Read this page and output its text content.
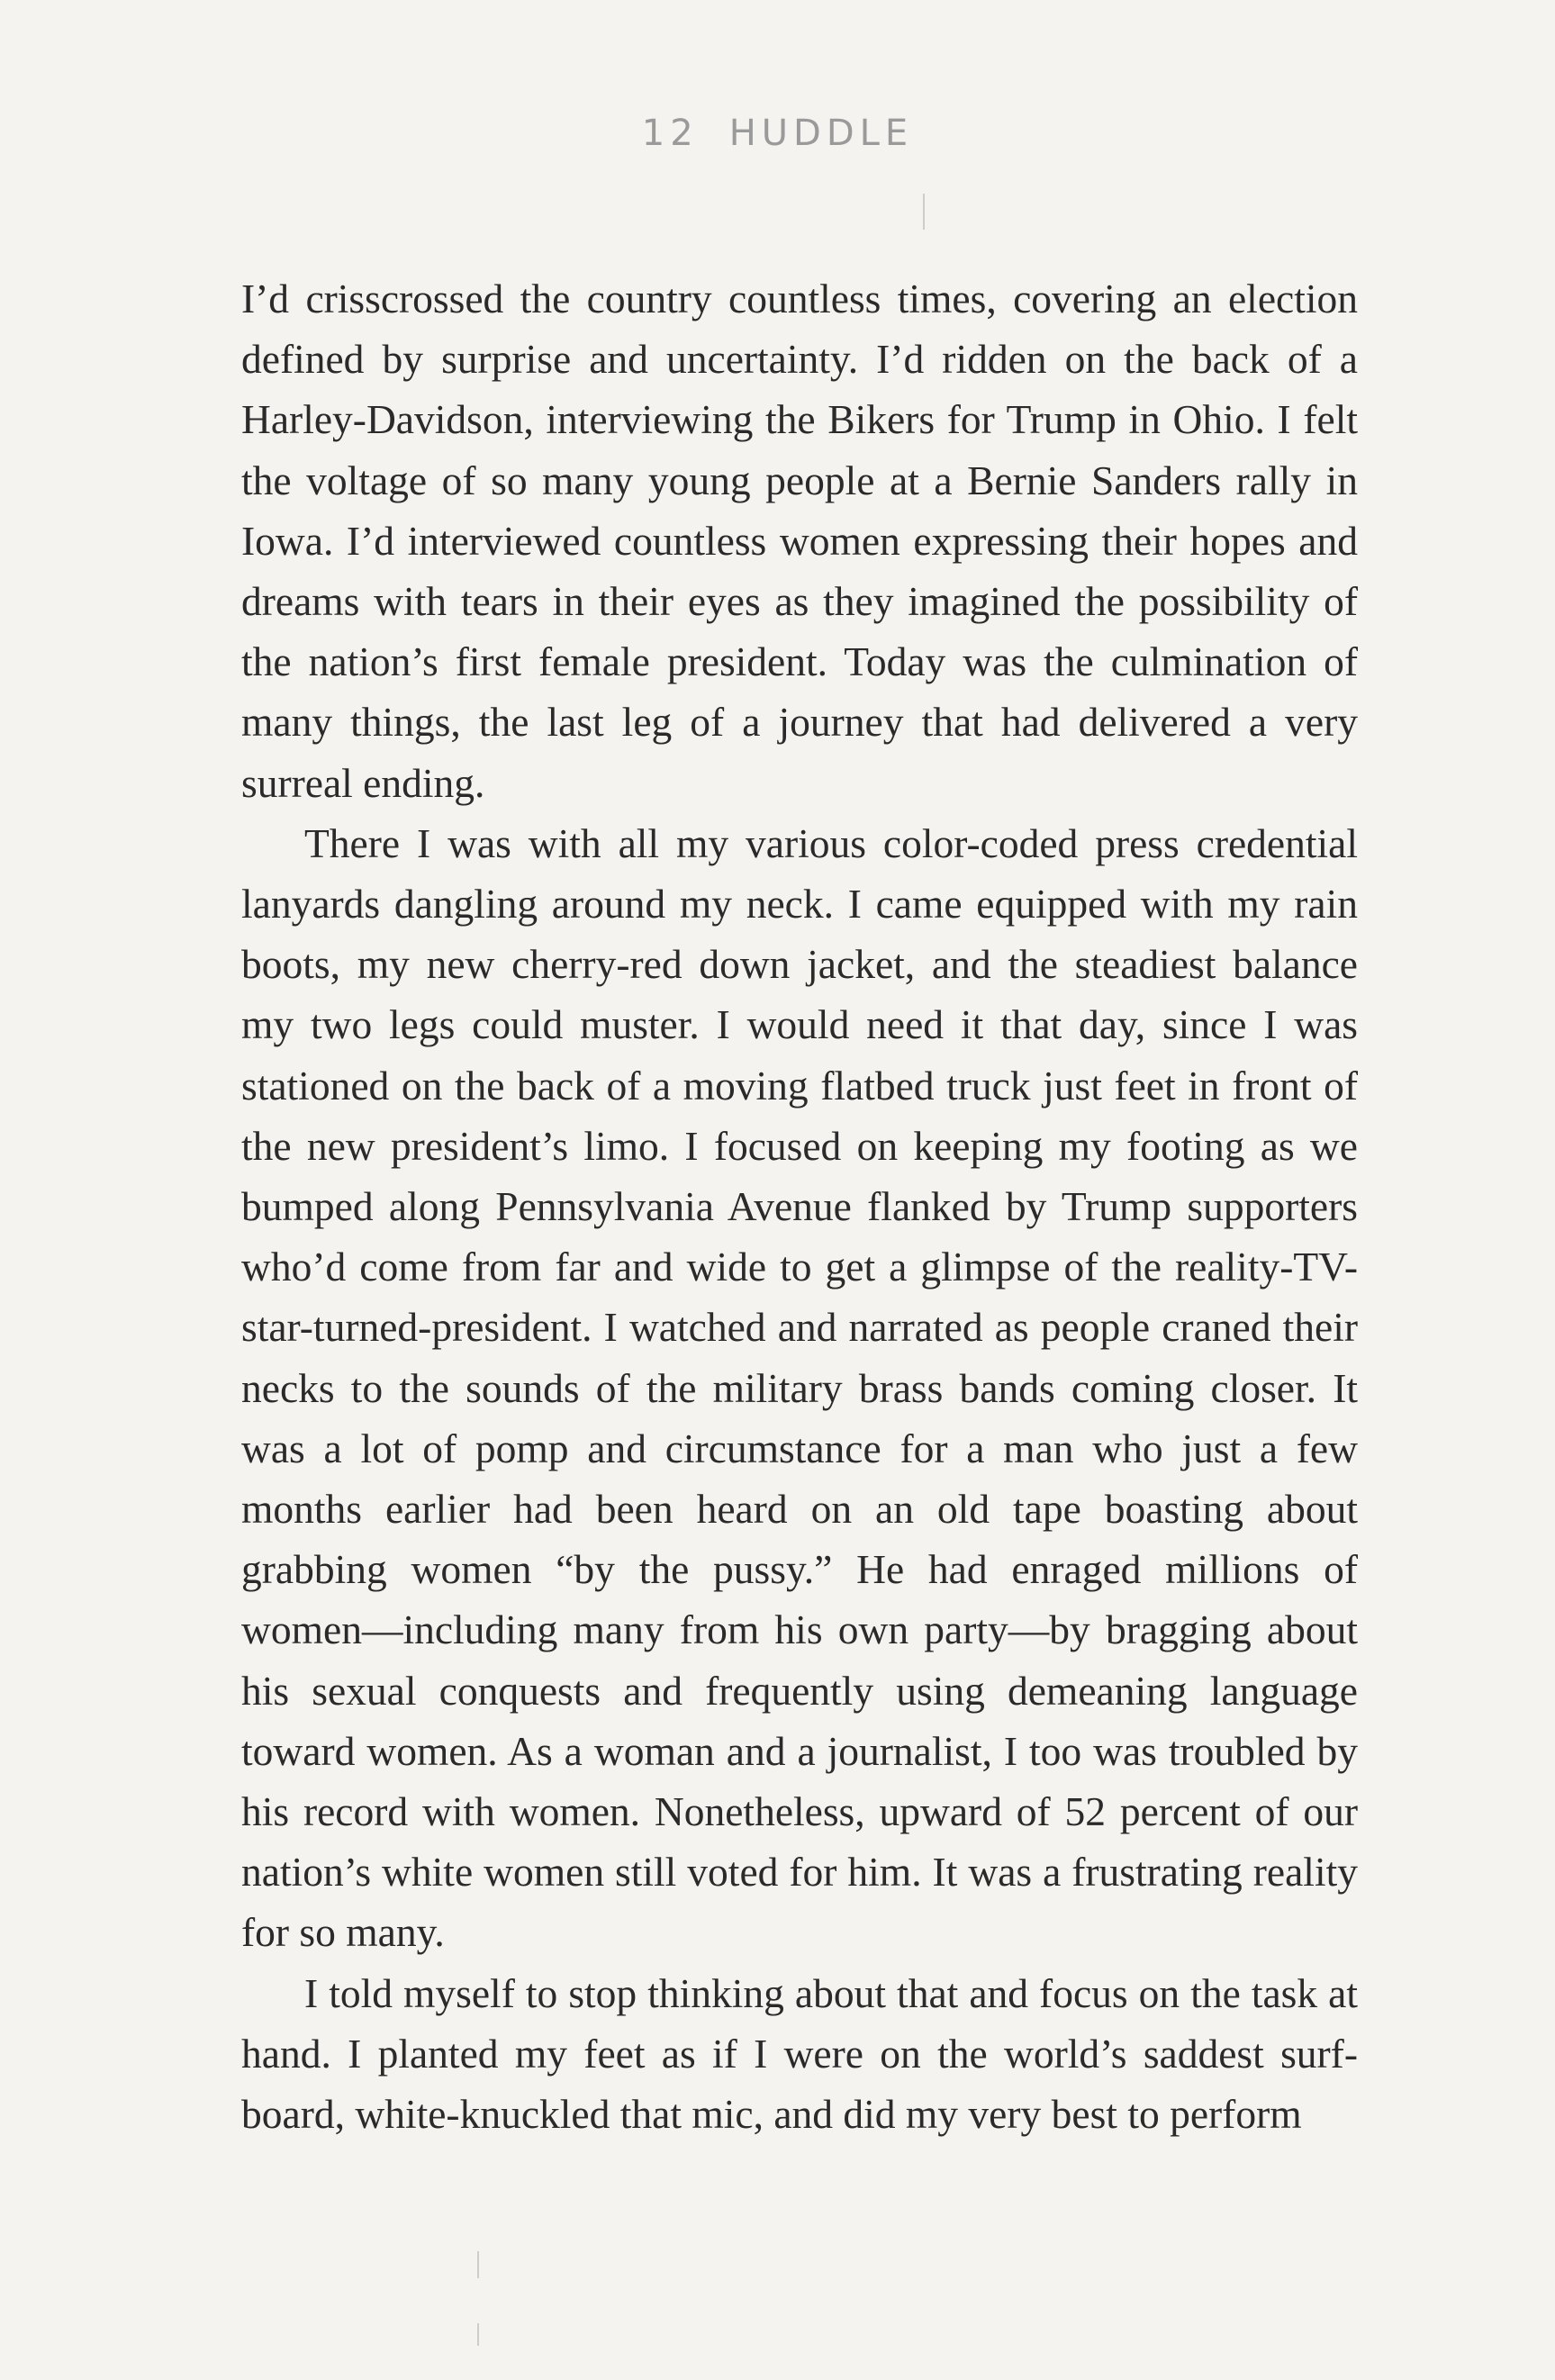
12 HUDDLE

I’d crisscrossed the country countless times, covering an election defined by surprise and uncertainty. I’d ridden on the back of a Harley-Davidson, interviewing the Bikers for Trump in Ohio. I felt the voltage of so many young people at a Bernie Sanders rally in Iowa. I’d interviewed countless women expressing their hopes and dreams with tears in their eyes as they imagined the possibility of the nation’s first female president. Today was the culmination of many things, the last leg of a journey that had delivered a very surreal ending.

There I was with all my various color-coded press credential lanyards dangling around my neck. I came equipped with my rain boots, my new cherry-red down jacket, and the steadiest balance my two legs could muster. I would need it that day, since I was stationed on the back of a moving flatbed truck just feet in front of the new president’s limo. I focused on keeping my footing as we bumped along Pennsylvania Avenue flanked by Trump supporters who’d come from far and wide to get a glimpse of the reality-TV-star-turned-president. I watched and narrated as people craned their necks to the sounds of the military brass bands coming closer. It was a lot of pomp and circumstance for a man who just a few months earlier had been heard on an old tape boasting about grabbing women “by the pussy.” He had enraged millions of women—including many from his own party—by bragging about his sexual conquests and frequently using demeaning language toward women. As a woman and a journalist, I too was troubled by his record with women. Nonetheless, upward of 52 percent of our nation’s white women still voted for him. It was a frustrating reality for so many.

I told myself to stop thinking about that and focus on the task at hand. I planted my feet as if I were on the world’s saddest surfboard, white-knuckled that mic, and did my very best to perform
